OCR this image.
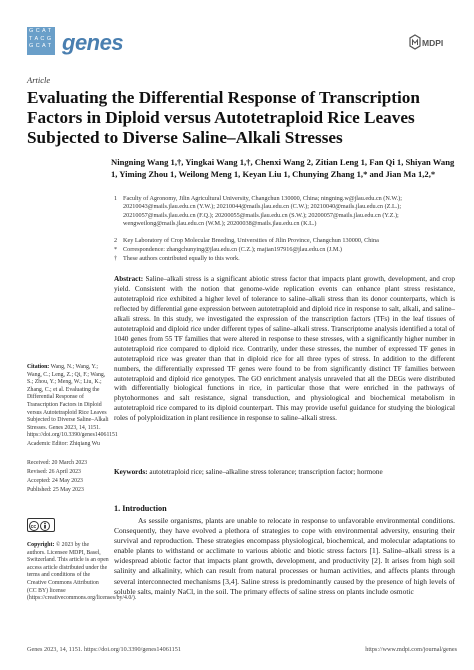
G C A T
T A C G
G C A T genes	MDPI
Article
Evaluating the Differential Response of Transcription Factors in Diploid versus Autotetraploid Rice Leaves Subjected to Diverse Saline–Alkali Stresses
Ningning Wang 1,†, Yingkai Wang 1,†, Chenxi Wang 2, Zitian Leng 1, Fan Qi 1, Shiyan Wang 1, Yiming Zhou 1, Weilong Meng 1, Keyan Liu 1, Chunying Zhang 1,* and Jian Ma 1,2,*
1 Faculty of Agronomy, Jilin Agricultural University, Changchun 130000, China; ningning.w@jlau.edu.cn (N.W.); 20210043@mails.jlau.edu.cn (Y.W.); 20210044@mails.jlau.edu.cn (C.W.); 20210040@mails.jlau.edu.cn (Z.L.); 20210057@mails.jlau.edu.cn (F.Q.); 20200055@mails.jlau.edu.cn (S.W.); 20200057@mails.jlau.edu.cn (Y.Z.); wengweilong@mails.jlau.edu.cn (W.M.); 20200038@mails.jlau.edu.cn (K.L.)
2 Key Laboratory of Crop Molecular Breeding, Universities of Jilin Province, Changchun 130000, China
* Correspondence: zhangchunying@jlau.edu.cn (C.Z.); majian197916@jlau.edu.cn (J.M.)
† These authors contributed equally to this work.
Abstract: Saline–alkali stress is a significant abiotic stress factor that impacts plant growth, development, and crop yield. Consistent with the notion that genome-wide replication events can enhance plant stress resistance, autotetraploid rice exhibited a higher level of tolerance to saline–alkali stress than its donor counterparts, which is reflected by differential gene expression between autotetraploid and diploid rice in response to salt, alkali, and saline–alkali stress. In this study, we investigated the expression of the transcription factors (TFs) in the leaf tissues of autotetraploid and diploid rice under different types of saline–alkali stress. Transcriptome analysis identified a total of 1040 genes from 55 TF families that were altered in response to these stresses, with a significantly higher number in autotetraploid rice compared to diploid rice. Contrarily, under these stresses, the number of expressed TF genes in autotetraploid rice was greater than that in diploid rice for all three types of stress. In addition to the different numbers, the differentially expressed TF genes were found to be from significantly distinct TF families between autotetraploid and diploid rice genotypes. The GO enrichment analysis unraveled that all the DEGs were distributed with differentially biological functions in rice, in particular those that were enriched in the pathways of phytohormones and salt resistance, signal transduction, and physiological and biochemical metabolism in autotetraploid rice compared to its diploid counterpart. This may provide useful guidance for studying the biological roles of polyploidization in plant resilience in response to saline–alkali stress.
Keywords: autotetraploid rice; saline–alkaline stress tolerance; transcription factor; hormone
Citation: Wang, N.; Wang, Y.; Wang, C.; Leng, Z.; Qi, F.; Wang, S.; Zhou, Y.; Meng, W.; Liu, K.; Zhang, C.; et al. Evaluating the Differential Response of Transcription Factors in Diploid versus Autotetraploid Rice Leaves Subjected to Diverse Saline–Alkali Stresses. Genes 2023, 14, 1151. https://doi.org/10.3390/genes14061151
Academic Editor: Zhiqiang Wu
Received: 20 March 2023
Revised: 26 April 2023
Accepted: 24 May 2023
Published: 25 May 2023
cc
Copyright: © 2023 by the authors. Licensee MDPI, Basel, Switzerland. This article is an open access article distributed under the terms and conditions of the Creative Commons Attribution (CC BY) license (https://creativecommons.org/licenses/by/4.0/).
1. Introduction
As sessile organisms, plants are unable to relocate in response to unfavorable environmental conditions. Consequently, they have evolved a plethora of strategies to cope with environmental adversity, ensuring their survival and reproduction. These strategies encompass physiological, biochemical, and molecular adaptations to enable plants to withstand or acclimate to various abiotic and biotic stress factors [1]. Saline–alkali stress is a widespread abiotic factor that impacts plant growth, development, and productivity [2]. It arises from high soil salinity and alkalinity, which can result from natural processes or human activities, and affects plants through several interconnected mechanisms [3,4]. Saline stress is predominantly caused by the presence of high levels of soluble salts, mainly NaCl, in the soil. The primary effects of saline stress on plants include osmotic
Genes 2023, 14, 1151. https://doi.org/10.3390/genes14061151	https://www.mdpi.com/journal/genes
